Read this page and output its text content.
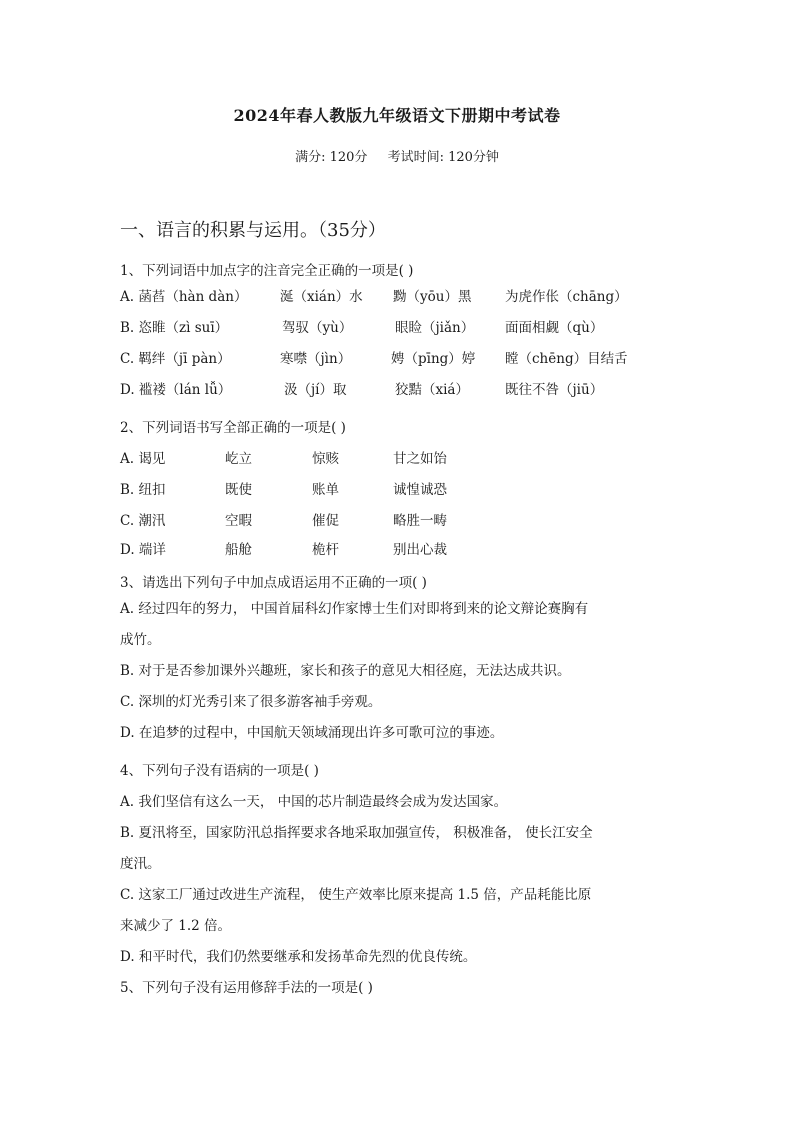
2024年春人教版九年级语文下册期中考试卷
满分: 120分 考试时间: 120分钟
一、语言的积累与运用。（35分）
1、下列词语中加点字的注音完全正确的一项是( )
A. 菡萏（hàn dàn） 涎（xián）水 黝（yōu）黑 为虎作伥（chāng）
B. 恣睢（zì suī）	驾驭（yù）	眼睑（jiǎn） 面面相觑（qù）
C. 羁绊（jī pàn）	寒噤（jìn）	娉（pīng）婷 瞠（chēng）目结舌
D. 褴褛（lán lǚ）	汲（jí）取	狡黠（xiá）	既往不咎（jiū）
2、下列词语书写全部正确的一项是( )
A. 谒见	屹立	惊赅	甘之如饴
B. 纽扣	既使	账单	诚惶诚恐
C. 潮汛	空暇	催促	略胜一畴
D. 端详	船舱	桅杆	别出心裁
3、请选出下列句子中加点成语运用不正确的一项( )
A. 经过四年的努力， 中国首届科幻作家博士生们对即将到来的论文辩论赛胸有
成竹。
B. 对于是否参加课外兴趣班，家长和孩子的意见大相径庭，无法达成共识。
C. 深圳的灯光秀引来了很多游客袖手旁观。
D. 在追梦的过程中，中国航天领域涌现出许多可歌可泣的事迹。
4、下列句子没有语病的一项是( )
A. 我们坚信有这么一天， 中国的芯片制造最终会成为发达国家。
B. 夏汛将至，国家防汛总指挥要求各地采取加强宣传， 积极准备， 使长江安全
度汛。
C. 这家工厂通过改进生产流程， 使生产效率比原来提高 1.5 倍，产品耗能比原
来减少了 1.2 倍。
D. 和平时代，我们仍然要继承和发扬革命先烈的优良传统。
5、下列句子没有运用修辞手法的一项是( )
